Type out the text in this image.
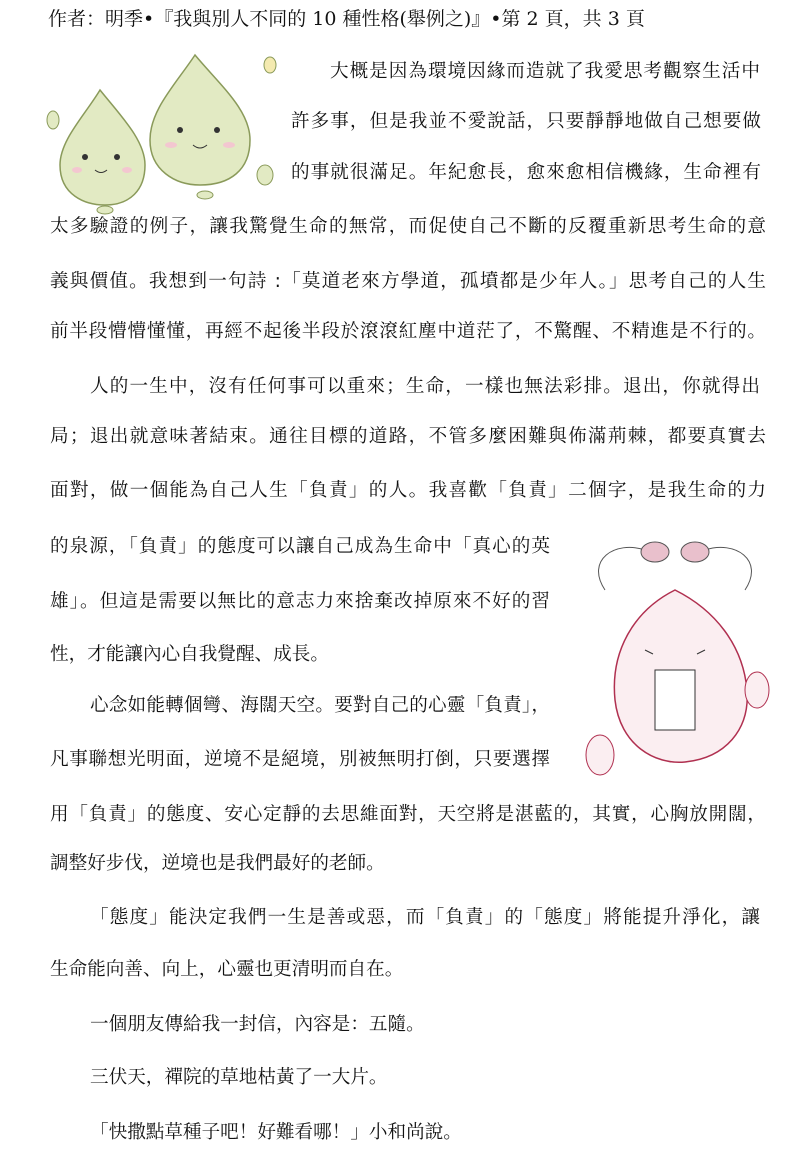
作者：明季•『我與別人不同的 10 種性格(舉例之)』•第 2 頁，共 3 頁
大概是因為環境因緣而造就了我愛思考觀察生活中
許多事，但是我並不愛說話，只要靜靜地做自己想要做
的事就很滿足。年紀愈長，愈來愈相信機緣，生命裡有
太多驗證的例子，讓我驚覺生命的無常，而促使自己不斷的反覆重新思考生命的意
義與價值。我想到一句詩 :「莫道老來方學道，孤墳都是少年人。」思考自己的人生
前半段懵懵懂懂，再經不起後半段於滾滾紅塵中道茫了，不驚醒、不精進是不行的。
人的一生中，沒有任何事可以重來；生命，一樣也無法彩排。退出，你就得出
局；退出就意味著結束。通往目標的道路，不管多麼困難與佈滿荊棘，都要真實去
面對，做一個能為自己人生「負責」的人。我喜歡「負責」二個字，是我生命的力
的泉源，「負責」的態度可以讓自己成為生命中「真心的英
雄」。但這是需要以無比的意志力來捨棄改掉原來不好的習
性，才能讓內心自我覺醒、成長。
心念如能轉個彎、海闊天空。要對自己的心靈「負責」，
凡事聯想光明面，逆境不是絕境，別被無明打倒，只要選擇
用「負責」的態度、安心定靜的去思維面對，天空將是湛藍的，其實，心胸放開闊，
調整好步伐，逆境也是我們最好的老師。
「態度」能決定我們一生是善或惡，而「負責」的「態度」將能提升淨化，讓
生命能向善、向上，心靈也更清明而自在。
一個朋友傳給我一封信，內容是：五隨。
三伏天，禪院的草地枯黃了一大片。
「快撒點草種子吧！好難看哪！」小和尚說。
